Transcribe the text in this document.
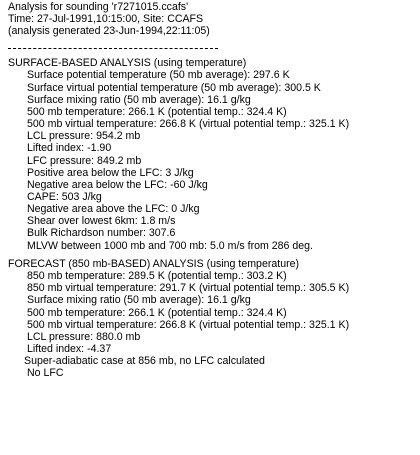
Analysis for sounding 'r7271015.ccafs'
Time: 27-Jul-1991,10:15:00, Site: CCAFS
(analysis generated 23-Jun-1994,22:11:05)
SURFACE-BASED ANALYSIS (using temperature)
Surface potential temperature (50 mb average): 297.6 K
Surface virtual potential temperature (50 mb average): 300.5 K
Surface mixing ratio (50 mb average): 16.1 g/kg
500 mb temperature: 266.1 K (potential temp.: 324.4 K)
500 mb virtual temperature: 266.8 K (virtual potential temp.: 325.1 K)
LCL pressure: 954.2 mb
Lifted index: -1.90
LFC pressure: 849.2 mb
Positive area below the LFC: 3 J/kg
Negative area below the LFC: -60 J/kg
CAPE: 503 J/kg
Negative area above the LFC: 0 J/kg
Shear over lowest 6km: 1.8 m/s
Bulk Richardson number: 307.6
MLVW between 1000 mb and 700 mb: 5.0 m/s from 286 deg.
FORECAST (850 mb-BASED) ANALYSIS (using temperature)
850 mb temperature: 289.5 K (potential temp.: 303.2 K)
850 mb virtual temperature: 291.7 K (virtual potential temp.: 305.5 K)
Surface mixing ratio (50 mb average): 16.1 g/kg
500 mb temperature: 266.1 K (potential temp.: 324.4 K)
500 mb virtual temperature: 266.8 K (virtual potential temp.: 325.1 K)
LCL pressure: 880.0 mb
Lifted index: -4.37
Super-adiabatic case at 856 mb, no LFC calculated
No LFC
